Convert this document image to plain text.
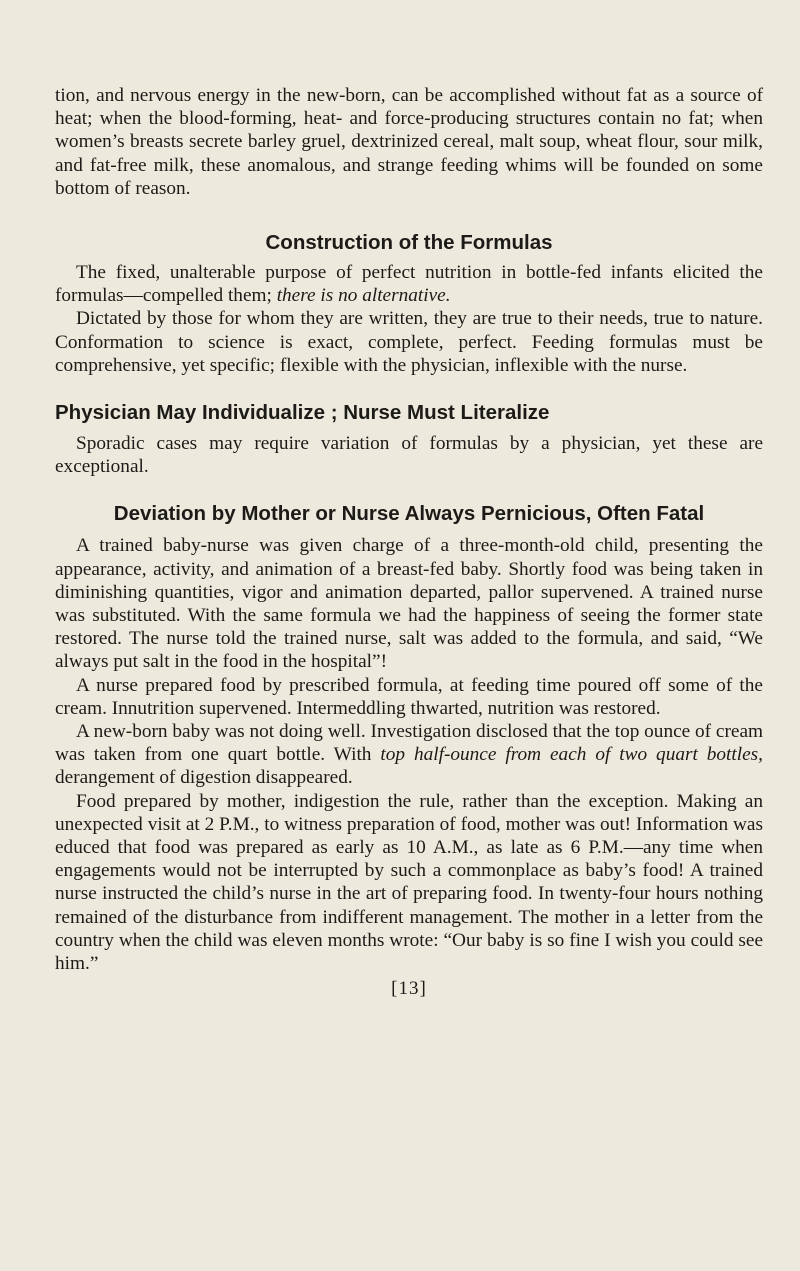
tion, and nervous energy in the new-born, can be accomplished without fat as a source of heat; when the blood-forming, heat- and force-producing structures contain no fat; when women’s breasts secrete barley gruel, dextrinized cereal, malt soup, wheat flour, sour milk, and fat-free milk, these anomalous, and strange feeding whims will be founded on some bottom of reason.

Construction of the Formulas

The fixed, unalterable purpose of perfect nutrition in bottle-fed infants elicited the formulas—compelled them; there is no alternative.

Dictated by those for whom they are written, they are true to their needs, true to nature. Conformation to science is exact, complete, perfect. Feeding formulas must be comprehensive, yet specific; flexible with the physician, inflexible with the nurse.

Physician May Individualize ; Nurse Must Literalize

Sporadic cases may require variation of formulas by a physician, yet these are exceptional.

Deviation by Mother or Nurse Always Pernicious, Often Fatal

A trained baby-nurse was given charge of a three-month-old child, presenting the appearance, activity, and animation of a breast-fed baby. Shortly food was being taken in diminishing quantities, vigor and animation departed, pallor supervened. A trained nurse was substituted. With the same formula we had the happiness of seeing the former state restored. The nurse told the trained nurse, salt was added to the formula, and said, “We always put salt in the food in the hospital”!

A nurse prepared food by prescribed formula, at feeding time poured off some of the cream. Innutrition supervened. Intermeddling thwarted, nutrition was restored.

A new-born baby was not doing well. Investigation disclosed that the top ounce of cream was taken from one quart bottle. With top half-ounce from each of two quart bottles, derangement of digestion disappeared.

Food prepared by mother, indigestion the rule, rather than the exception. Making an unexpected visit at 2 P.M., to witness preparation of food, mother was out! Information was educed that food was prepared as early as 10 A.M., as late as 6 P.M.—any time when engagements would not be interrupted by such a commonplace as baby’s food! A trained nurse instructed the child’s nurse in the art of preparing food. In twenty-four hours nothing remained of the disturbance from indifferent management. The mother in a letter from the country when the child was eleven months wrote: “Our baby is so fine I wish you could see him.”

[13]
